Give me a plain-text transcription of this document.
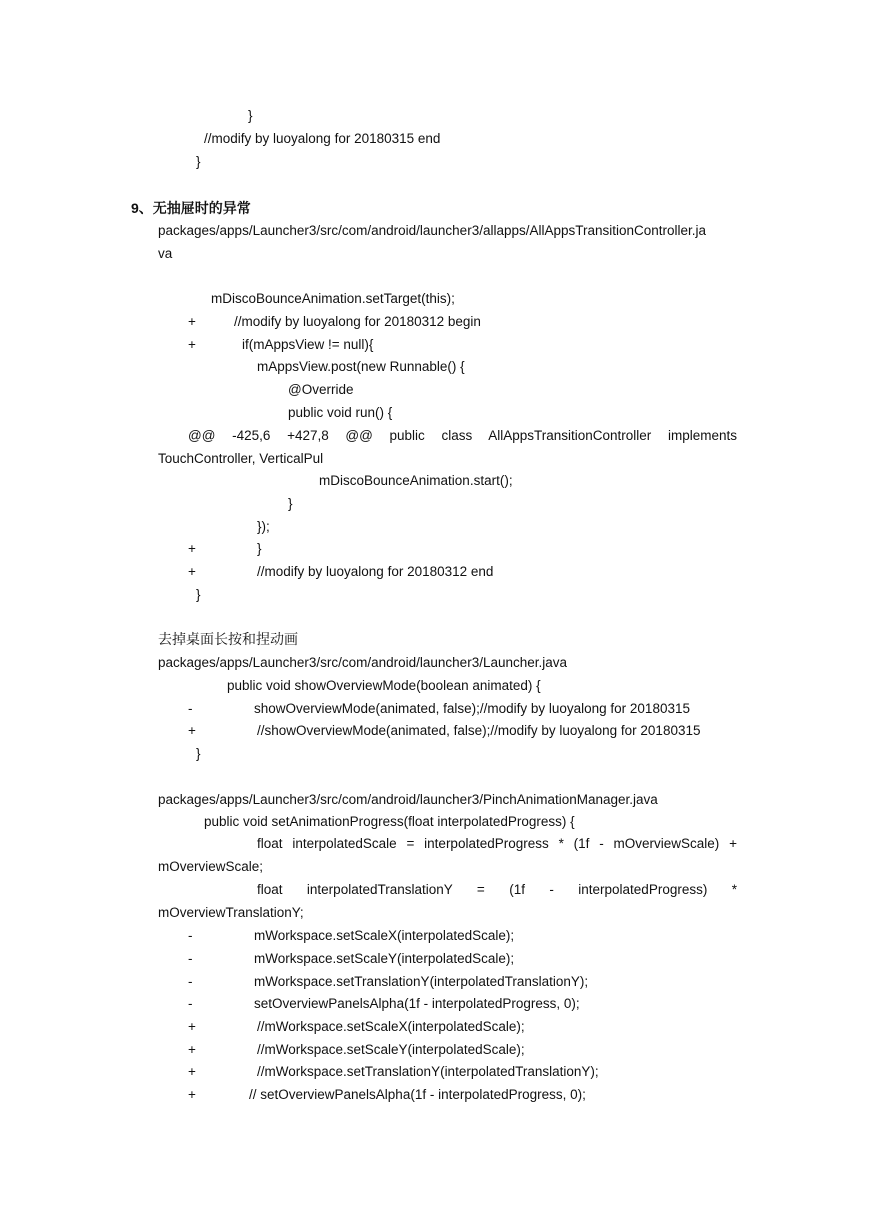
}
//modify by luoyalong for 20180315 end
}
9、无抽屉时的异常
packages/apps/Launcher3/src/com/android/launcher3/allapps/AllAppsTransitionController.ja
va
mDiscoBounceAnimation.setTarget(this);
+	//modify by luoyalong for 20180312 begin
+	if(mAppsView != null){
mAppsView.post(new Runnable() {
@Override
public void run() {
@@ -425,6 +427,8 @@ public class AllAppsTransitionController implements
TouchController, VerticalPul
mDiscoBounceAnimation.start();
}
});
+	}
+	//modify by luoyalong for 20180312 end
}
去掉桌面长按和捏动画
packages/apps/Launcher3/src/com/android/launcher3/Launcher.java
public void showOverviewMode(boolean animated) {
-	showOverviewMode(animated, false);//modify by luoyalong for 20180315
+	//showOverviewMode(animated, false);//modify by luoyalong for 20180315
}
packages/apps/Launcher3/src/com/android/launcher3/PinchAnimationManager.java
public void setAnimationProgress(float interpolatedProgress) {
float interpolatedScale = interpolatedProgress * (1f - mOverviewScale) +
mOverviewScale;
float interpolatedTranslationY = (1f - interpolatedProgress) *
mOverviewTranslationY;
-	mWorkspace.setScaleX(interpolatedScale);
-	mWorkspace.setScaleY(interpolatedScale);
-	mWorkspace.setTranslationY(interpolatedTranslationY);
-	setOverviewPanelsAlpha(1f - interpolatedProgress, 0);
+	//mWorkspace.setScaleX(interpolatedScale);
+	//mWorkspace.setScaleY(interpolatedScale);
+	//mWorkspace.setTranslationY(interpolatedTranslationY);
+	// setOverviewPanelsAlpha(1f - interpolatedProgress, 0);
